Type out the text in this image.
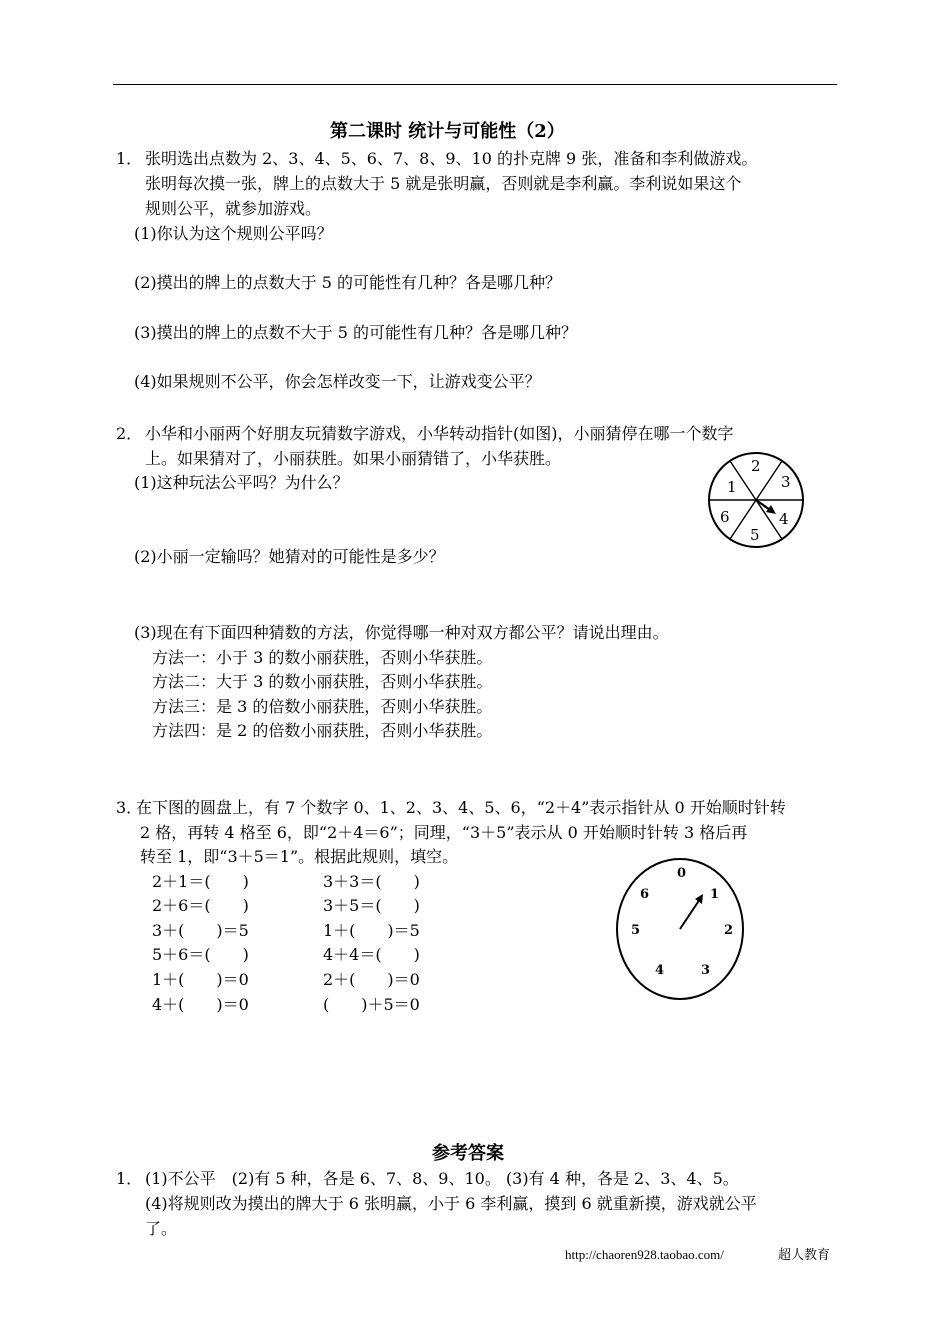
第二课时 统计与可能性（2）
1． 张明选出点数为 2、3、4、5、6、7、8、9、10 的扑克牌 9 张，准备和李利做游戏。
张明每次摸一张，牌上的点数大于 5 就是张明赢，否则就是李利赢。李利说如果这个
规则公平，就参加游戏。
(1)你认为这个规则公平吗？
(2)摸出的牌上的点数大于 5 的可能性有几种？各是哪几种？
(3)摸出的牌上的点数不大于 5 的可能性有几种？各是哪几种？
(4)如果规则不公平，你会怎样改变一下，让游戏变公平？
2． 小华和小丽两个好朋友玩猜数字游戏，小华转动指针(如图)，小丽猜停在哪一个数字
上。如果猜对了，小丽获胜。如果小丽猜错了，小华获胜。
(1)这种玩法公平吗？为什么？
(2)小丽一定输吗？她猜对的可能性是多少？
(3)现在有下面四种猜数的方法，你觉得哪一种对双方都公平？请说出理由。
方法一：小于 3 的数小丽获胜，否则小华获胜。
方法二：大于 3 的数小丽获胜，否则小华获胜。
方法三：是 3 的倍数小丽获胜，否则小华获胜。
方法四：是 2 的倍数小丽获胜，否则小华获胜。
1
2
3
4
5
6
3．
在下图的圆盘上，有 7 个数字 0、1、2、3、4、5、6，“2＋4”表示指针从 0 开始顺时针转
2 格，再转 4 格至 6，即“2＋4＝6”；同理，“3＋5”表示从 0 开始顺时针转 3 格后再
转至 1，即“3＋5＝1”。根据此规则，填空。
2＋1＝(　　)
2＋6＝(　　)
3＋(　　)＝5
5＋6＝(　　)
1＋(　　)＝0
4＋(　　)＝0
3＋3＝(　　)
3＋5＝(　　)
1＋(　　)＝5
4＋4＝(　　)
2＋(　　)＝0
(　　)＋5＝0
0
1
2
3
4
5
6
参考答案
1． (1)不公平　(2)有 5 种，各是 6、7、8、9、10。 (3)有 4 种，各是 2、3、4、5。
(4)将规则改为摸出的牌大于 6 张明赢，小于 6 李利赢，摸到 6 就重新摸，游戏就公平
了。
http://chaoren928.taobao.com/	超人教育
